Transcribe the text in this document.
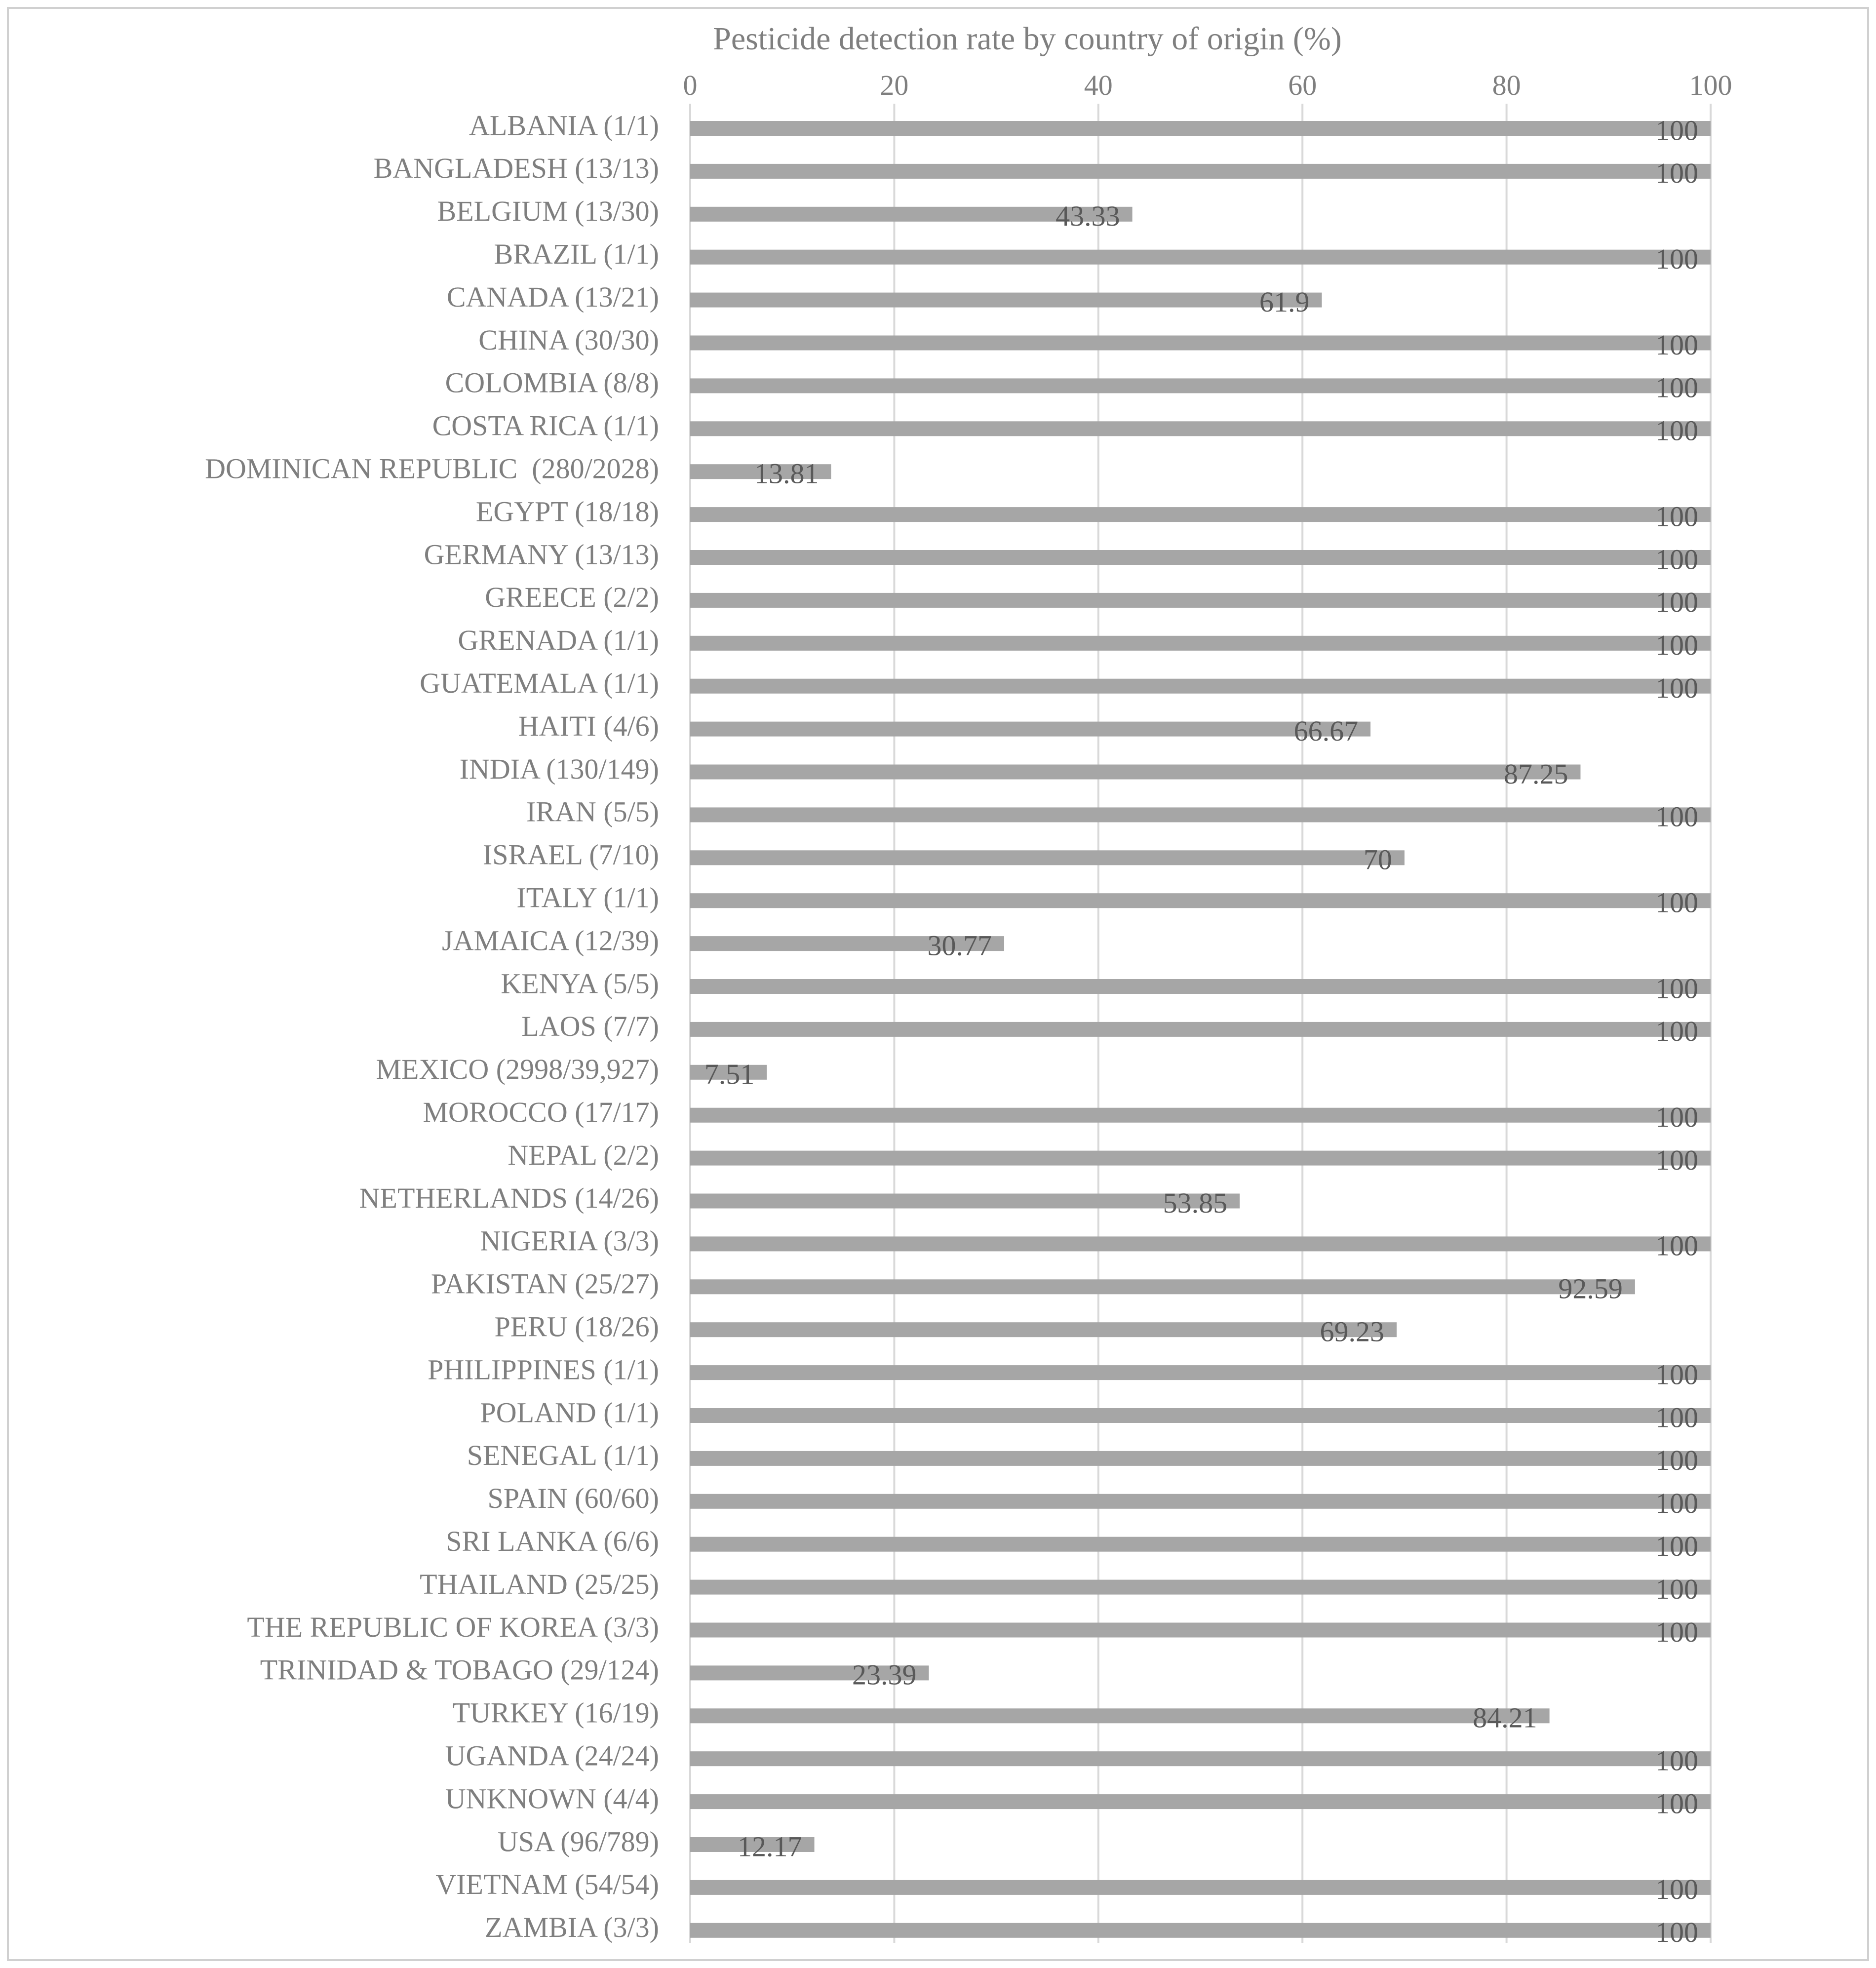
Pesticide detection rate by country of origin (%)
0	20	40	60	80	100
ALBANIA (1/1)
BANGLADESH (13/13)
BELGIUM (13/30)
BRAZIL (1/1)
CANADA (13/21)
CHINA (30/30)
COLOMBIA (8/8)
COSTA RICA (1/1)
DOMINICAN REPUBLIC  (280/2028)
EGYPT (18/18)
GERMANY (13/13)
GREECE (2/2)
GRENADA (1/1)
GUATEMALA (1/1)
HAITI (4/6)
INDIA (130/149)
IRAN (5/5)
ISRAEL (7/10)
ITALY (1/1)
JAMAICA (12/39)
KENYA (5/5)
LAOS (7/7)
MEXICO (2998/39,927)
MOROCCO (17/17)
NEPAL (2/2)
NETHERLANDS (14/26)
NIGERIA (3/3)
PAKISTAN (25/27)
PERU (18/26)
PHILIPPINES (1/1)
POLAND (1/1)
SENEGAL (1/1)
SPAIN (60/60)
SRI LANKA (6/6)
THAILAND (25/25)
THE REPUBLIC OF KOREA (3/3)
TRINIDAD & TOBAGO (29/124)
TURKEY (16/19)
UGANDA (24/24)
UNKNOWN (4/4)
USA (96/789)
VIETNAM (54/54)
ZAMBIA (3/3)
100
100
43.33
100
61.9
100
100
100
13.81
100
100
100
100
100
66.67
87.25
100
70
100
30.77
100
100
7.51
100
100
53.85
100
92.59
69.23
100
100
100
100
100
100
100
23.39
84.21
100
100
12.17
100
100
